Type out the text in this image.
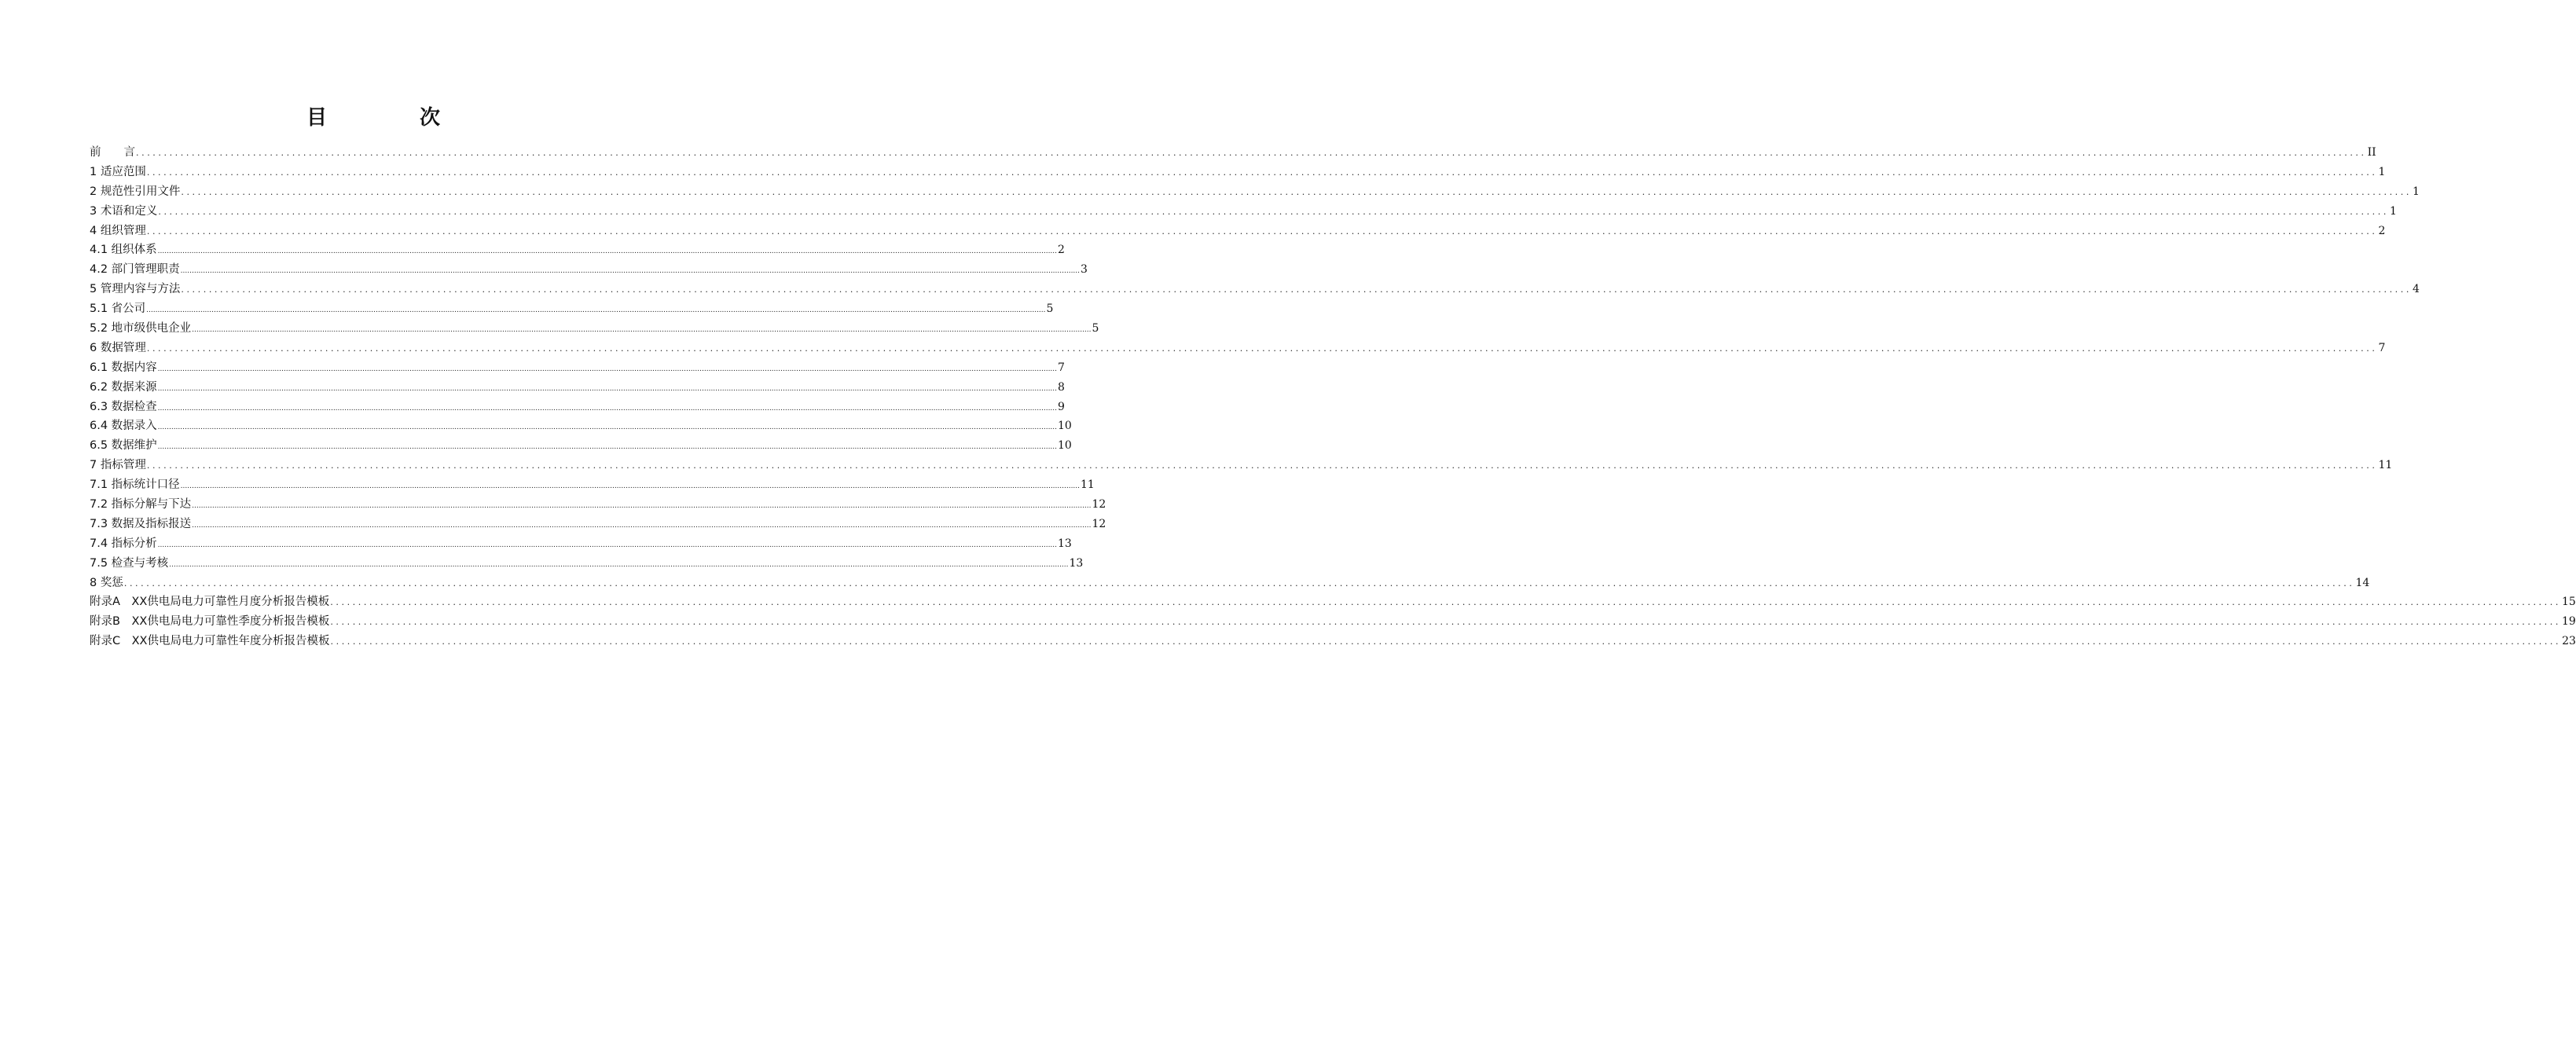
目　次
前　　言 ................................................................................................................................................................................................................................................................................................................................................................................................................ II
1 适应范围 ................................................................................................................................................................................................................................................................................................................................................................................................................ 1
2 规范性引用文件 ................................................................................................................................................................................................................................................................................................................................................................................................................ 1
3 术语和定义 ................................................................................................................................................................................................................................................................................................................................................................................................................ 1
4 组织管理 ................................................................................................................................................................................................................................................................................................................................................................................................................ 2
4.1 组织体系 ................................................................................................................................................................................................................................................................................................................................................................................................................ 2
4.2 部门管理职责 ................................................................................................................................................................................................................................................................................................................................................................................................................ 3
5 管理内容与方法 ................................................................................................................................................................................................................................................................................................................................................................................................................ 4
5.1 省公司 ................................................................................................................................................................................................................................................................................................................................................................................................................ 5
5.2 地市级供电企业 ................................................................................................................................................................................................................................................................................................................................................................................................................ 5
6 数据管理 ................................................................................................................................................................................................................................................................................................................................................................................................................ 7
6.1 数据内容 ................................................................................................................................................................................................................................................................................................................................................................................................................ 7
6.2 数据来源 ................................................................................................................................................................................................................................................................................................................................................................................................................ 8
6.3 数据检查 ................................................................................................................................................................................................................................................................................................................................................................................................................ 9
6.4 数据录入 ................................................................................................................................................................................................................................................................................................................................................................................................................ 10
6.5 数据维护 ................................................................................................................................................................................................................................................................................................................................................................................................................ 10
7 指标管理 ................................................................................................................................................................................................................................................................................................................................................................................................................ 11
7.1 指标统计口径 ................................................................................................................................................................................................................................................................................................................................................................................................................ 11
7.2 指标分解与下达 ................................................................................................................................................................................................................................................................................................................................................................................................................ 12
7.3 数据及指标报送 ................................................................................................................................................................................................................................................................................................................................................................................................................ 12
7.4 指标分析 ................................................................................................................................................................................................................................................................................................................................................................................................................ 13
7.5 检查与考核 ................................................................................................................................................................................................................................................................................................................................................................................................................ 13
8 奖惩 ................................................................................................................................................................................................................................................................................................................................................................................................................ 14
附录A　XX供电局电力可靠性月度分析报告模板 ................................................................................................................................................................................................................................................................................................................................................................................................................ 15
附录B　XX供电局电力可靠性季度分析报告模板 ................................................................................................................................................................................................................................................................................................................................................................................................................ 19
附录C　XX供电局电力可靠性年度分析报告模板 ................................................................................................................................................................................................................................................................................................................................................................................................................ 23
